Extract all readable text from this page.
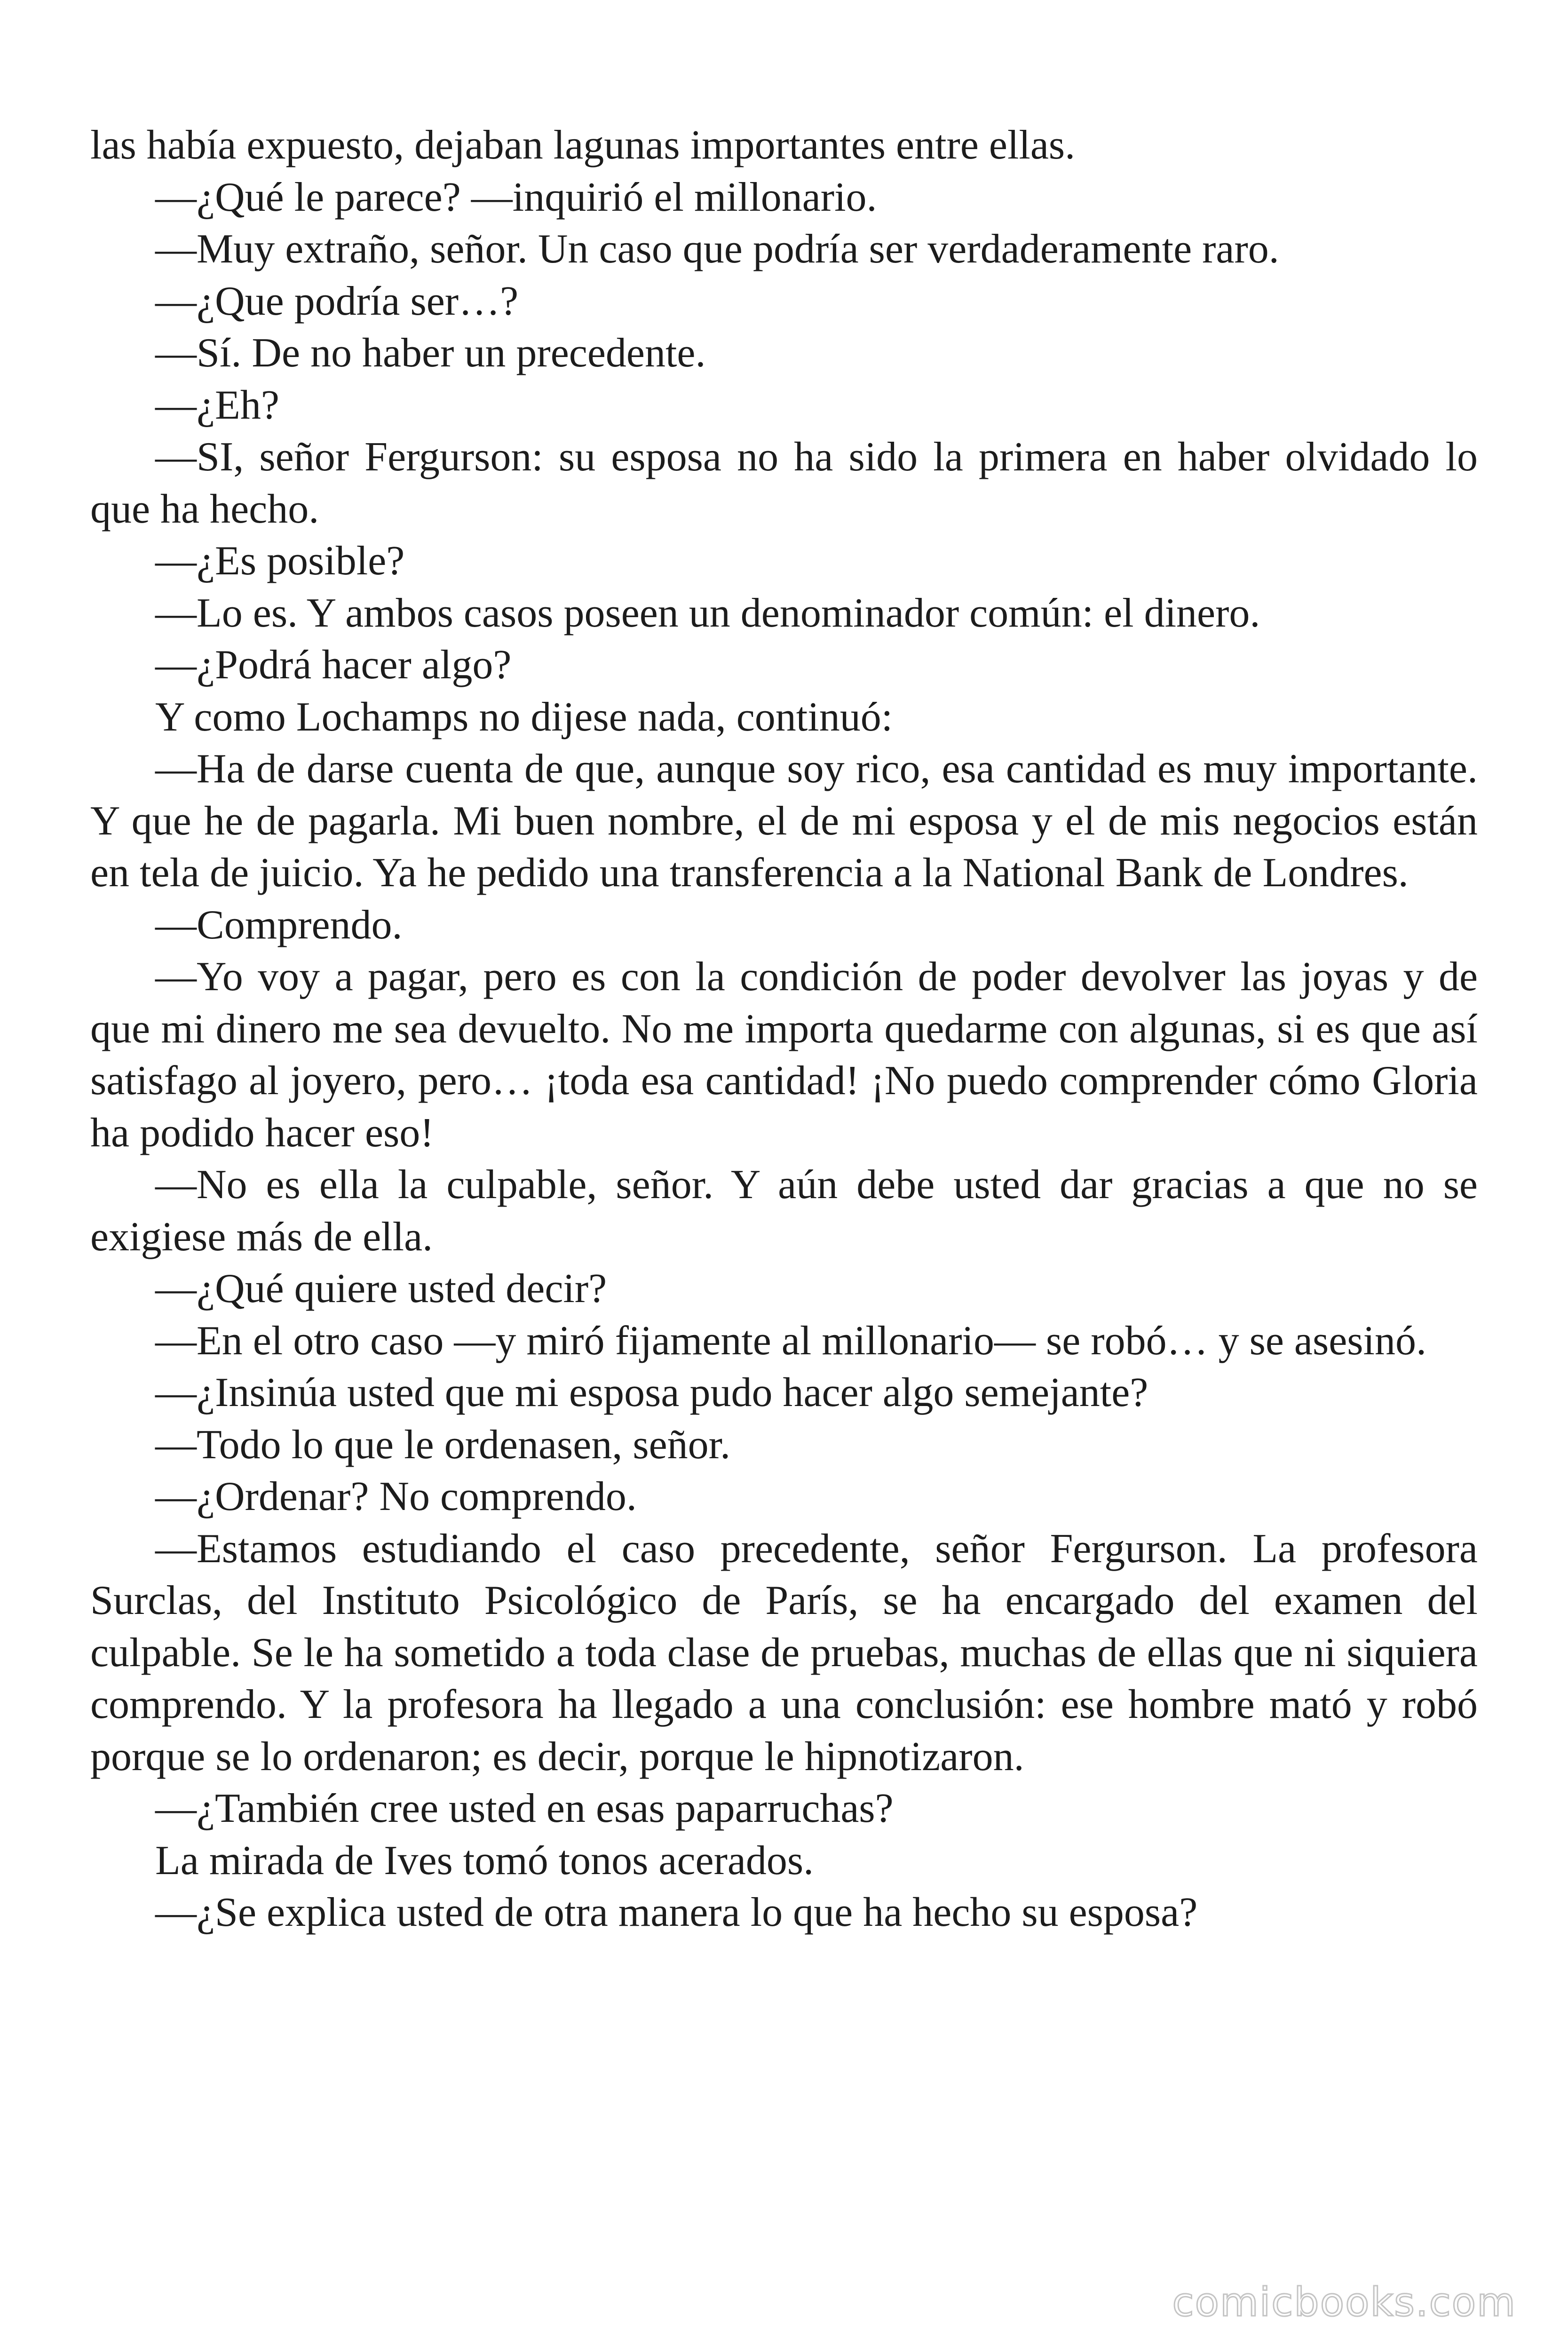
las había expuesto, dejaban lagunas importantes entre ellas.

—¿Qué le parece? —inquirió el millonario.

—Muy extraño, señor. Un caso que podría ser verdaderamente raro.

—¿Que podría ser…?

—Sí. De no haber un precedente.

—¿Eh?

—SI, señor Fergurson: su esposa no ha sido la primera en haber olvidado lo que ha hecho.

—¿Es posible?

—Lo es. Y ambos casos poseen un denominador común: el dinero.

—¿Podrá hacer algo?

Y como Lochamps no dijese nada, continuó:

—Ha de darse cuenta de que, aunque soy rico, esa cantidad es muy importante. Y que he de pagarla. Mi buen nombre, el de mi esposa y el de mis negocios están en tela de juicio. Ya he pedido una transferencia a la National Bank de Londres.

—Comprendo.

—Yo voy a pagar, pero es con la condición de poder devolver las joyas y de que mi dinero me sea devuelto. No me importa quedarme con algunas, si es que así satisfago al joyero, pero… ¡toda esa cantidad! ¡No puedo comprender cómo Gloria ha podido hacer eso!

—No es ella la culpable, señor. Y aún debe usted dar gracias a que no se exigiese más de ella.

—¿Qué quiere usted decir?

—En el otro caso —y miró fijamente al millonario— se robó… y se asesinó.

—¿Insinúa usted que mi esposa pudo hacer algo semejante?

—Todo lo que le ordenasen, señor.

—¿Ordenar? No comprendo.

—Estamos estudiando el caso precedente, señor Fergurson. La profesora Surclas, del Instituto Psicológico de París, se ha encargado del examen del culpable. Se le ha sometido a toda clase de pruebas, muchas de ellas que ni siquiera comprendo. Y la profesora ha llegado a una conclusión: ese hombre mató y robó porque se lo ordenaron; es decir, porque le hipnotizaron.

—¿También cree usted en esas paparruchas?

La mirada de Ives tomó tonos acerados.

—¿Se explica usted de otra manera lo que ha hecho su esposa?

comicbooks.com
